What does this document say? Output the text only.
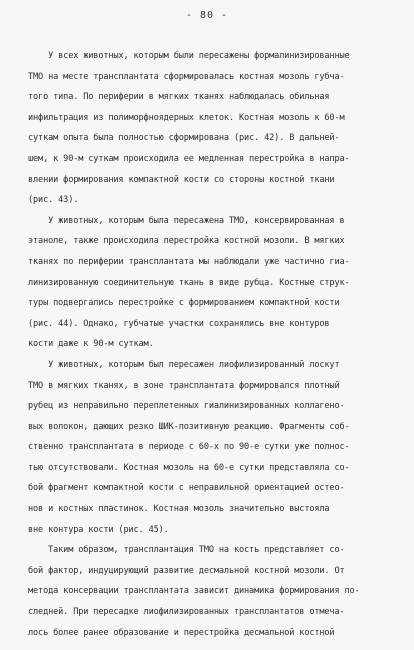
- 80 -
У всех животных, которым были пересажены формалинизированные
ТМО на месте трансплантата сформировалась костная мозоль губча-
того типа. По периферии в мягких тканях наблюдалась обильная
инфильтрация из полиморфноядерных клеток. Костная мозоль к 60-м
суткам опыта была полностью сформирована (рис. 42). В дальней-
шем, к 90-м суткам происходила ее медленная перестройка в напра-
влении формирования компактной кости со стороны костной ткани
(рис. 43).
У животных, которым была пересажена ТМО, консервированная в
этаноле, также происходила перестройка костной мозоли. В мягких
тканях по периферии трансплантата мы наблюдали уже частично гиа-
линизированную соединительную ткань в виде рубца. Костные струк-
туры подвергались перестройке с формированием компактной кости
(рис. 44). Однако, губчатые участки сохранялись вне контуров
кости даже к 90-м суткам.
У животных, которым был пересажен лиофилизированный лоскут
ТМО в мягких тканях, в зоне трансплантата формировался плотный
рубец из неправильно переплетенных гиалинизированных коллагено-
вых волокон, дающих резко ШИК-позитивную реакцию. Фрагменты соб-
ственно трансплантата в периоде с 60-х по 90-е сутки уже полнос-
тью отсутствовали. Костная мозоль на 60-е сутки представляла со-
бой фрагмент компактной кости с неправильной ориентацией остео-
нов и костных пластинок. Костная мозоль значительно выстояла
вне контура кости (рис. 45).
Таким образом, трансплантация ТМО на кость представляет со-
бой фактор, индуцирующий развитие десмальной костной мозоли. От
метода консервации трансплантата зависит динамика формирования по-
следней. При пересадке лиофилизированных трансплантатов отмеча-
лось более ранее образование и перестройка десмальной костной
